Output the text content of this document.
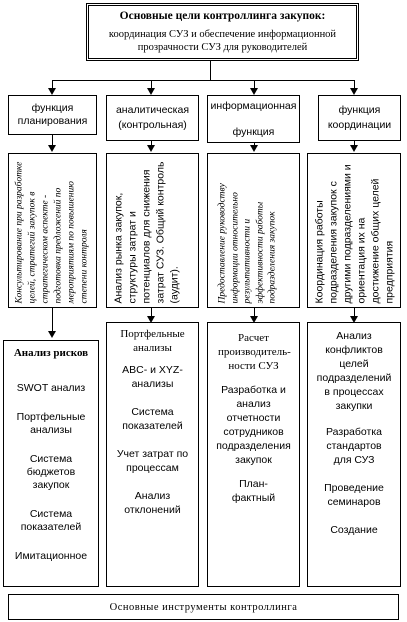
Основные цели контроллинга закупок:
координация СУЗ и обеспечение информационной
прозрачности СУЗ для руководителей
функция
планирования
аналитическая
(контрольная)
информационная
функция
функция
координации
Консультирование при разработке целей, стратегий закупок в стратегическом аспекте - подготовка предложений по мероприятиям по повышению степени контроля	Анализ рынка закупок, структуры затрат и потенциалов для снижения затрат СУЗ. Общий контроль (аудит).	Предоставление руководству информации относительно результативности и эффективности работы подразделения закупок	Координация работы подразделения закупок с другими подразделениями и ориентация их на достижение общих целей предприятия
Анализ рисков
SWOT анализ
Портфельные анализы
Система бюджетов закупок
Система показателей
Имитационное
Портфельные анализы
ABC- и XYZ-анализы
Система показателей
Учет затрат по процессам
Анализ отклонений
Расчет производитель-ности СУЗ
Разработка и анализ отчетности сотрудников подразделения закупок
План-фактный
Анализ конфликтов целей подразделений в процессах закупки
Разработка стандартов для СУЗ
Проведение семинаров
Создание
Основные инструменты контроллинга
